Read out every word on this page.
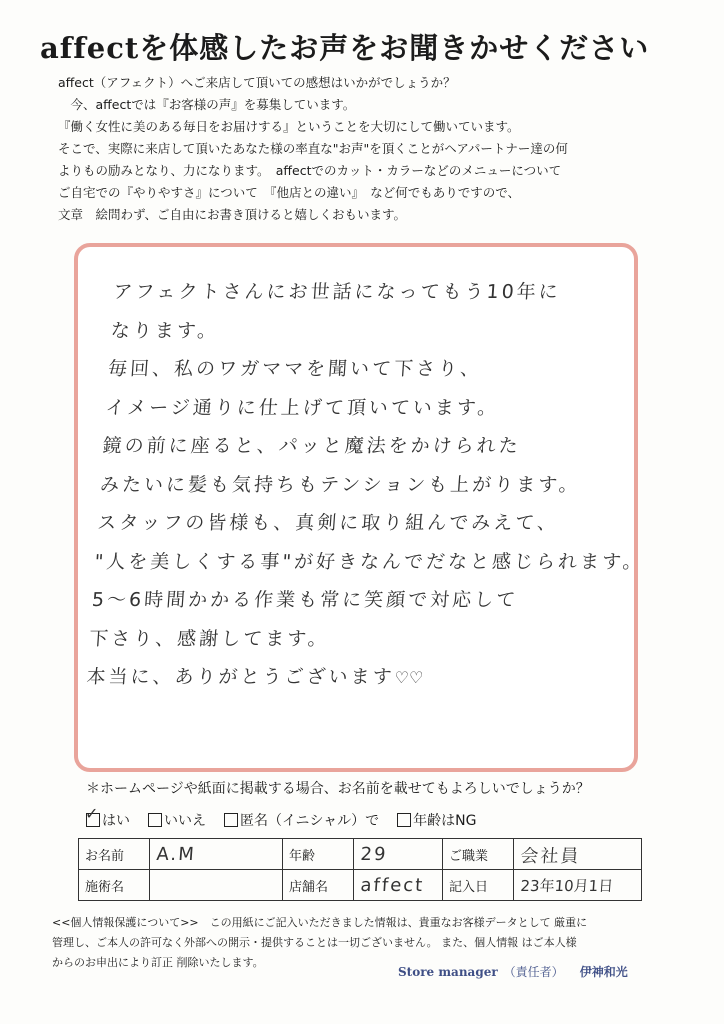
affectを体感したお声をお聞きかせください
affect（アフェクト）へご来店して頂いての感想はいかがでしょうか？
　今、affectでは『お客様の声』を募集しています。
『働く女性に美のある毎日をお届けする』ということを大切にして働いています。
そこで、実際に来店して頂いたあなた様の率直な"お声"を頂くことがヘアパートナー達の何
よりもの励みとなり、力になります。　affectでのカット・カラーなどのメニューについて
ご自宅での『やりやすさ』について　『他店との違い』　など何でもありですので、
文章　絵問わず、ご自由にお書き頂けると嬉しくおもいます。
アフェクトさんにお世話になってもう10年に
なります。
毎回、私のワガママを聞いて下さり、
イメージ通りに仕上げて頂いています。
鏡の前に座ると、パッと魔法をかけられた
みたいに髪も気持ちもテンションも上がります。
スタッフの皆様も、真剣に取り組んでみえて、
"人を美しくする事"が好きなんでだなと感じられます。
5～6時間かかる作業も常に笑顔で対応して
下さり、感謝してます。
本当に、ありがとうございます♡♡
＊ホームページや紙面に掲載する場合、お名前を載せてもよろしいでしょうか？
✓
はい いいえ 匿名（イニシャル）で 年齢はNG
お名前	A.M	年齢	29	ご職業	会社員
施術名		店舗名	affect	記入日	23年10月1日
<<個人情報保護について>>　この用紙にご記入いただきました情報は、貴重なお客様データとして 厳重に
管理し、ご本人の許可なく外部への開示・提供することは一切ございません。 また、個人情報 はご本人様
からのお申出により訂正 削除いたします。
Store manager （責任者） 伊神和光
